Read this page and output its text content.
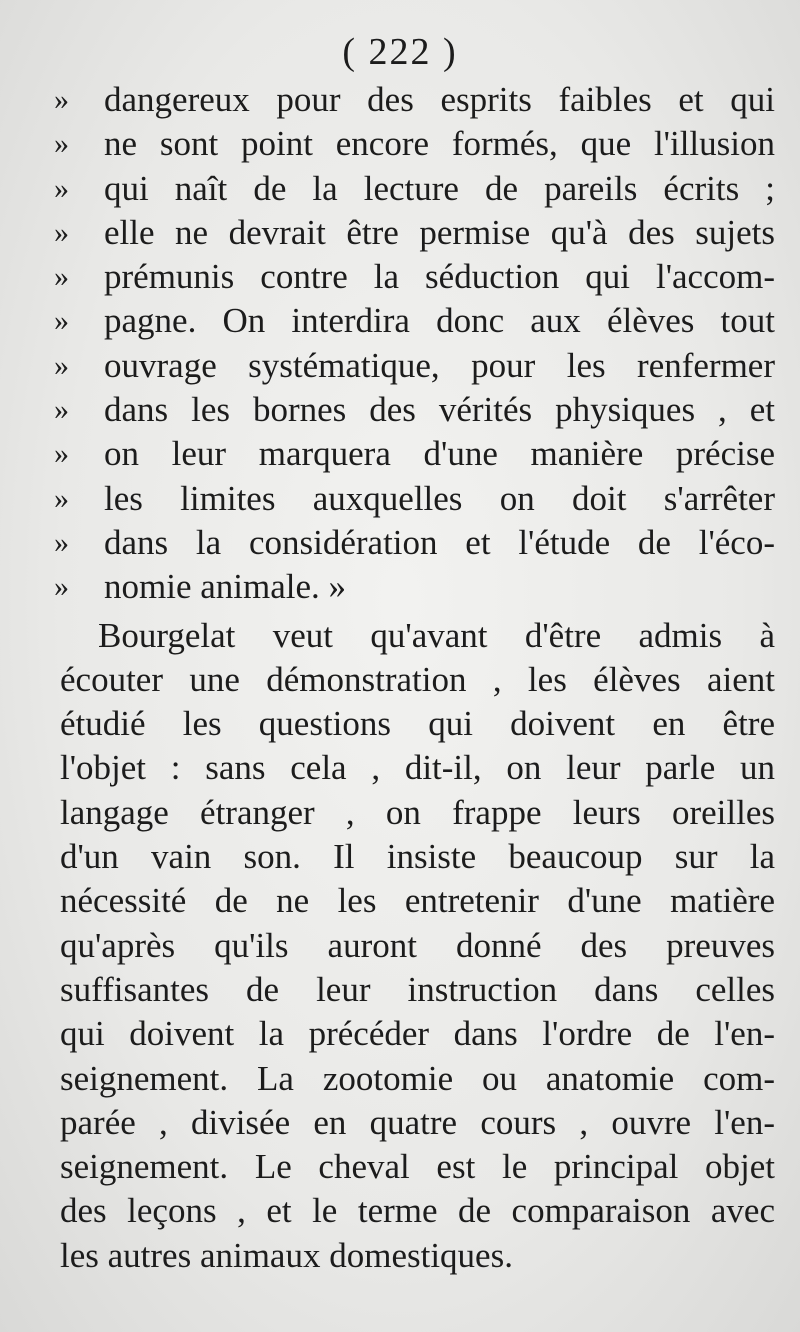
( 222 )
» dangereux pour des esprits faibles et qui
» ne sont point encore formés, que l'illusion
» qui naît de la lecture de pareils écrits ;
» elle ne devrait être permise qu'à des sujets
» prémunis contre la séduction qui l'accom-
» pagne. On interdira donc aux élèves tout
» ouvrage systématique, pour les renfermer
» dans les bornes des vérités physiques , et
» on leur marquera d'une manière précise
» les limites auxquelles on doit s'arrêter
» dans la considération et l'étude de l'éco-
» nomie animale. »
Bourgelat veut qu'avant d'être admis à
écouter une démonstration , les élèves aient
étudié les questions qui doivent en être
l'objet : sans cela , dit-il, on leur parle un
langage étranger , on frappe leurs oreilles
d'un vain son. Il insiste beaucoup sur la
nécessité de ne les entretenir d'une matière
qu'après qu'ils auront donné des preuves
suffisantes de leur instruction dans celles
qui doivent la précéder dans l'ordre de l'en-
seignement. La zootomie ou anatomie com-
parée , divisée en quatre cours , ouvre l'en-
seignement. Le cheval est le principal objet
des leçons , et le terme de comparaison avec
les autres animaux domestiques.
